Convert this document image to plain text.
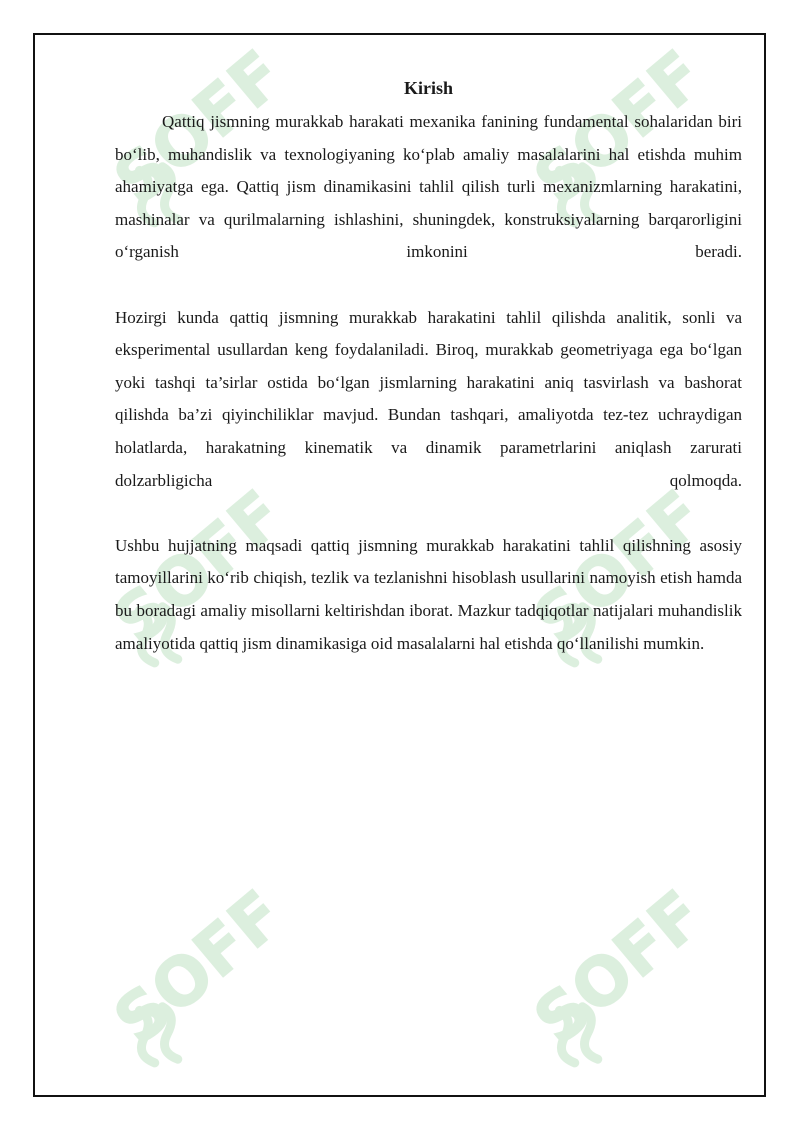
Kirish

Qattiq jismning murakkab harakati mexanika fanining fundamental sohalaridan biri bo‘lib, muhandislik va texnologiyaning ko‘plab amaliy masalalarini hal etishda muhim ahamiyatga ega. Qattiq jism dinamikasini tahlil qilish turli mexanizmlarning harakatini, mashinalar va qurilmalarning ishlashini, shuningdek, konstruksiyalarning barqarorligini o‘rganish imkonini beradi.

Hozirgi kunda qattiq jismning murakkab harakatini tahlil qilishda analitik, sonli va eksperimental usullardan keng foydalaniladi. Biroq, murakkab geometriyaga ega bo‘lgan yoki tashqi ta’sirlar ostida bo‘lgan jismlarning harakatini aniq tasvirlash va bashorat qilishda ba’zi qiyinchiliklar mavjud. Bundan tashqari, amaliyotda tez-tez uchraydigan holatlarda, harakatning kinematik va dinamik parametrlarini aniqlash zarurati dolzarbligicha qolmoqda.

Ushbu hujjatning maqsadi qattiq jismning murakkab harakatini tahlil qilishning asosiy tamoyillarini ko‘rib chiqish, tezlik va tezlanishni hisoblash usullarini namoyish etish hamda bu boradagi amaliy misollarni keltirishdan iborat. Mazkur tadqiqotlar natijalari muhandislik amaliyotida qattiq jism dinamikasiga oid masalalarni hal etishda qo‘llanilishi mumkin.
